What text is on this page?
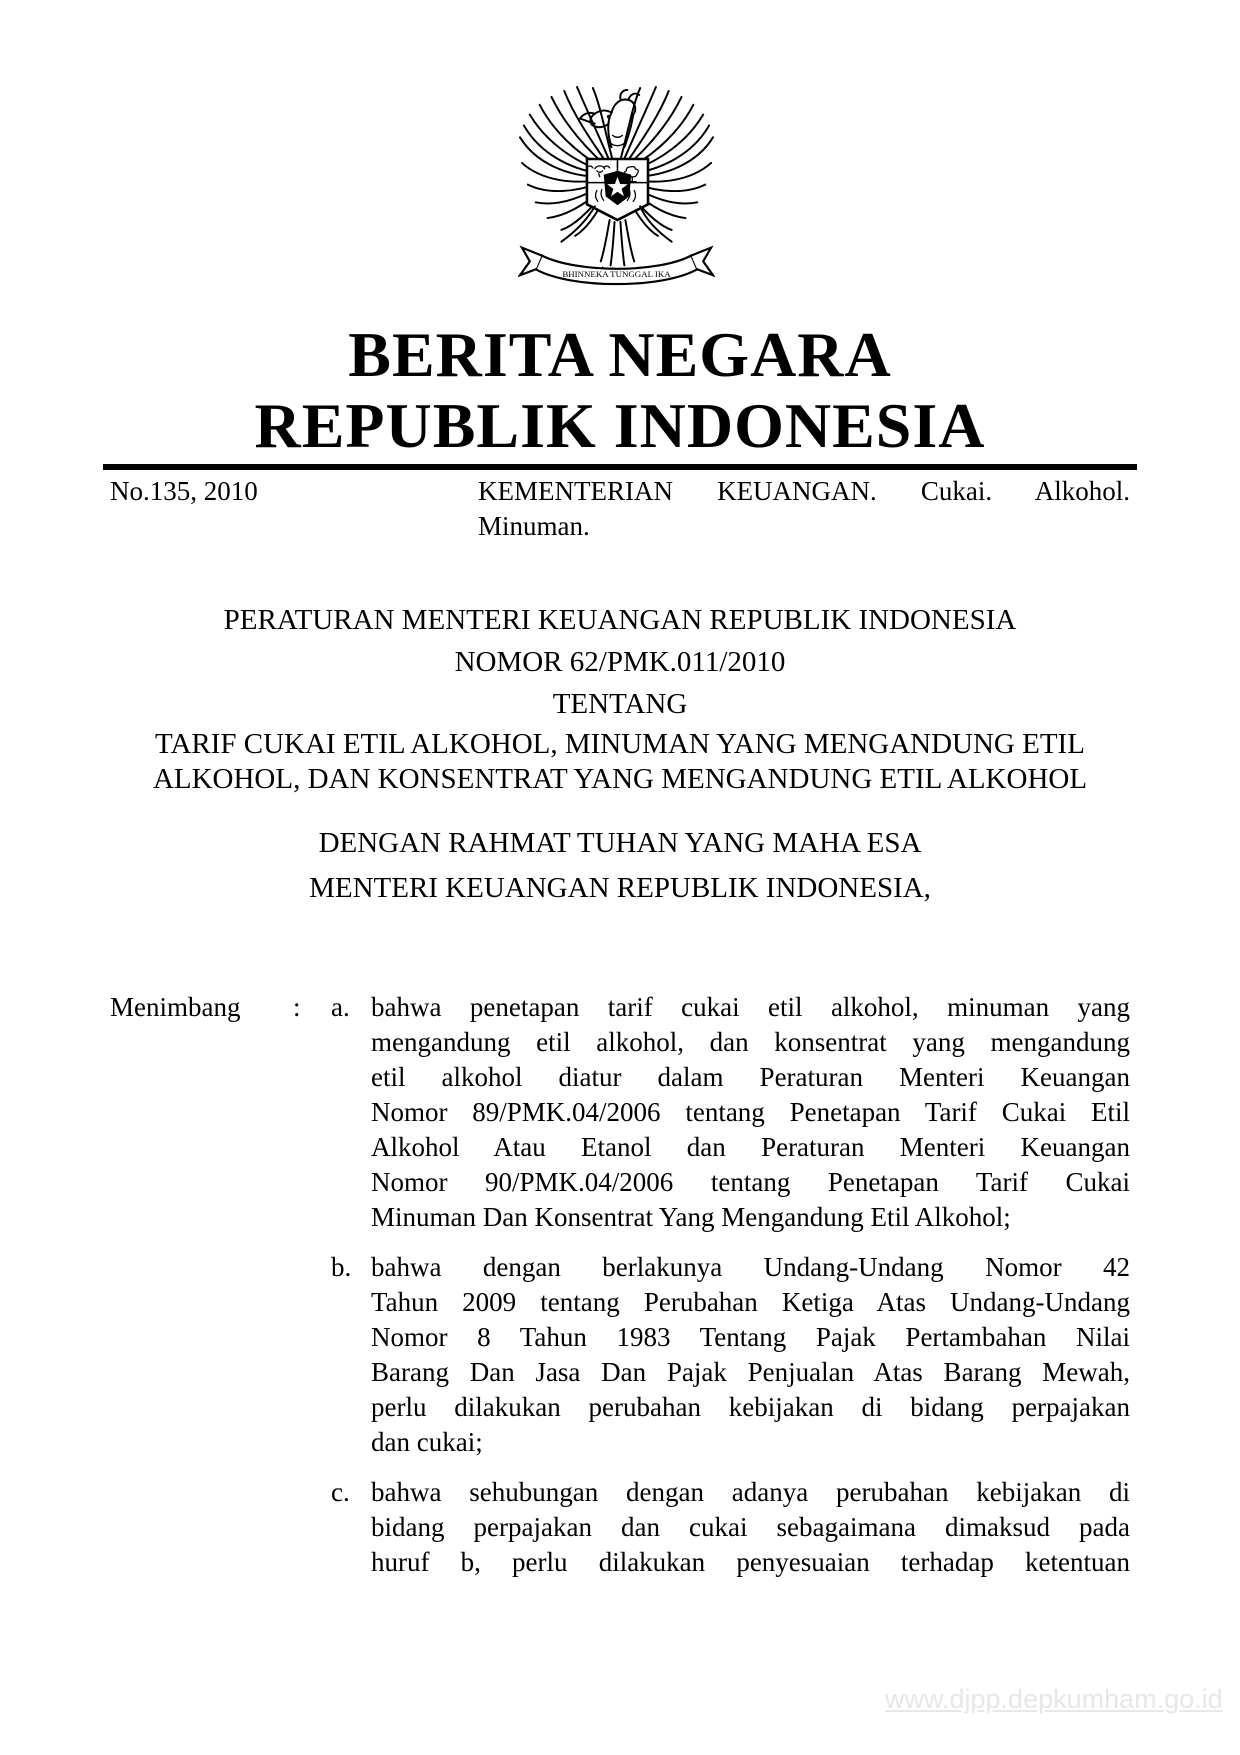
BHINNEKA TUNGGAL IKA
BERITA NEGARA
REPUBLIK INDONESIA
No.135, 2010	KEMENTERIAN KEUANGAN. Cukai. Alkohol.
Minuman.
PERATURAN MENTERI KEUANGAN REPUBLIK INDONESIA
NOMOR 62/PMK.011/2010
TENTANG
TARIF CUKAI ETIL ALKOHOL, MINUMAN YANG MENGANDUNG ETIL
ALKOHOL, DAN KONSENTRAT YANG MENGANDUNG ETIL ALKOHOL
DENGAN RAHMAT TUHAN YANG MAHA ESA
MENTERI KEUANGAN REPUBLIK INDONESIA,
Menimbang	:	a. bahwa penetapan tarif cukai etil alkohol, minuman yang
mengandung etil alkohol, dan konsentrat yang mengandung
etil alkohol diatur dalam Peraturan Menteri Keuangan
Nomor 89/PMK.04/2006 tentang Penetapan Tarif Cukai Etil
Alkohol Atau Etanol dan Peraturan Menteri Keuangan
Nomor 90/PMK.04/2006 tentang Penetapan Tarif Cukai
Minuman Dan Konsentrat Yang Mengandung Etil Alkohol;
b. bahwa dengan berlakunya Undang-Undang Nomor 42
Tahun 2009 tentang Perubahan Ketiga Atas Undang-Undang
Nomor 8 Tahun 1983 Tentang Pajak Pertambahan Nilai
Barang Dan Jasa Dan Pajak Penjualan Atas Barang Mewah,
perlu dilakukan perubahan kebijakan di bidang perpajakan
dan cukai;
c. bahwa sehubungan dengan adanya perubahan kebijakan di
bidang perpajakan dan cukai sebagaimana dimaksud pada
huruf b, perlu dilakukan penyesuaian terhadap ketentuan
www.djpp.depkumham.go.id
